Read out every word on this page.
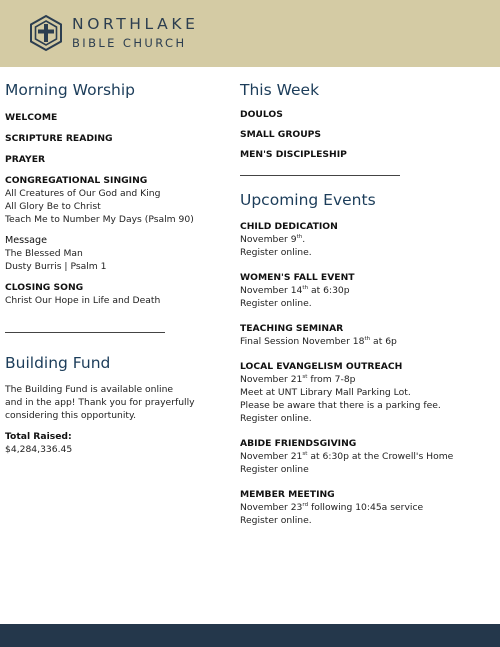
NORTHLAKE
BIBLE CHURCH
Morning Worship
WELCOME
SCRIPTURE READING
PRAYER
CONGREGATIONAL SINGING
All Creatures of Our God and King
All Glory Be to Christ
Teach Me to Number My Days (Psalm 90)
Message
The Blessed Man
Dusty Burris | Psalm 1
CLOSING SONG
Christ Our Hope in Life and Death
Building Fund
The Building Fund is available online
and in the app! Thank you for prayerfully
considering this opportunity.
Total Raised:
$4,284,336.45
This Week
DOULOS
SMALL GROUPS
MEN'S DISCIPLESHIP
Upcoming Events
CHILD DEDICATION
November 9th.
Register online.
WOMEN'S FALL EVENT
November 14th at 6:30p
Register online.
TEACHING SEMINAR
Final Session November 18th at 6p
LOCAL EVANGELISM OUTREACH
November 21st from 7-8p
Meet at UNT Library Mall Parking Lot.
Please be aware that there is a parking fee.
Register online.
ABIDE FRIENDSGIVING
November 21st at 6:30p at the Crowell's Home
Register online
MEMBER MEETING
November 23rd following 10:45a service
Register online.
